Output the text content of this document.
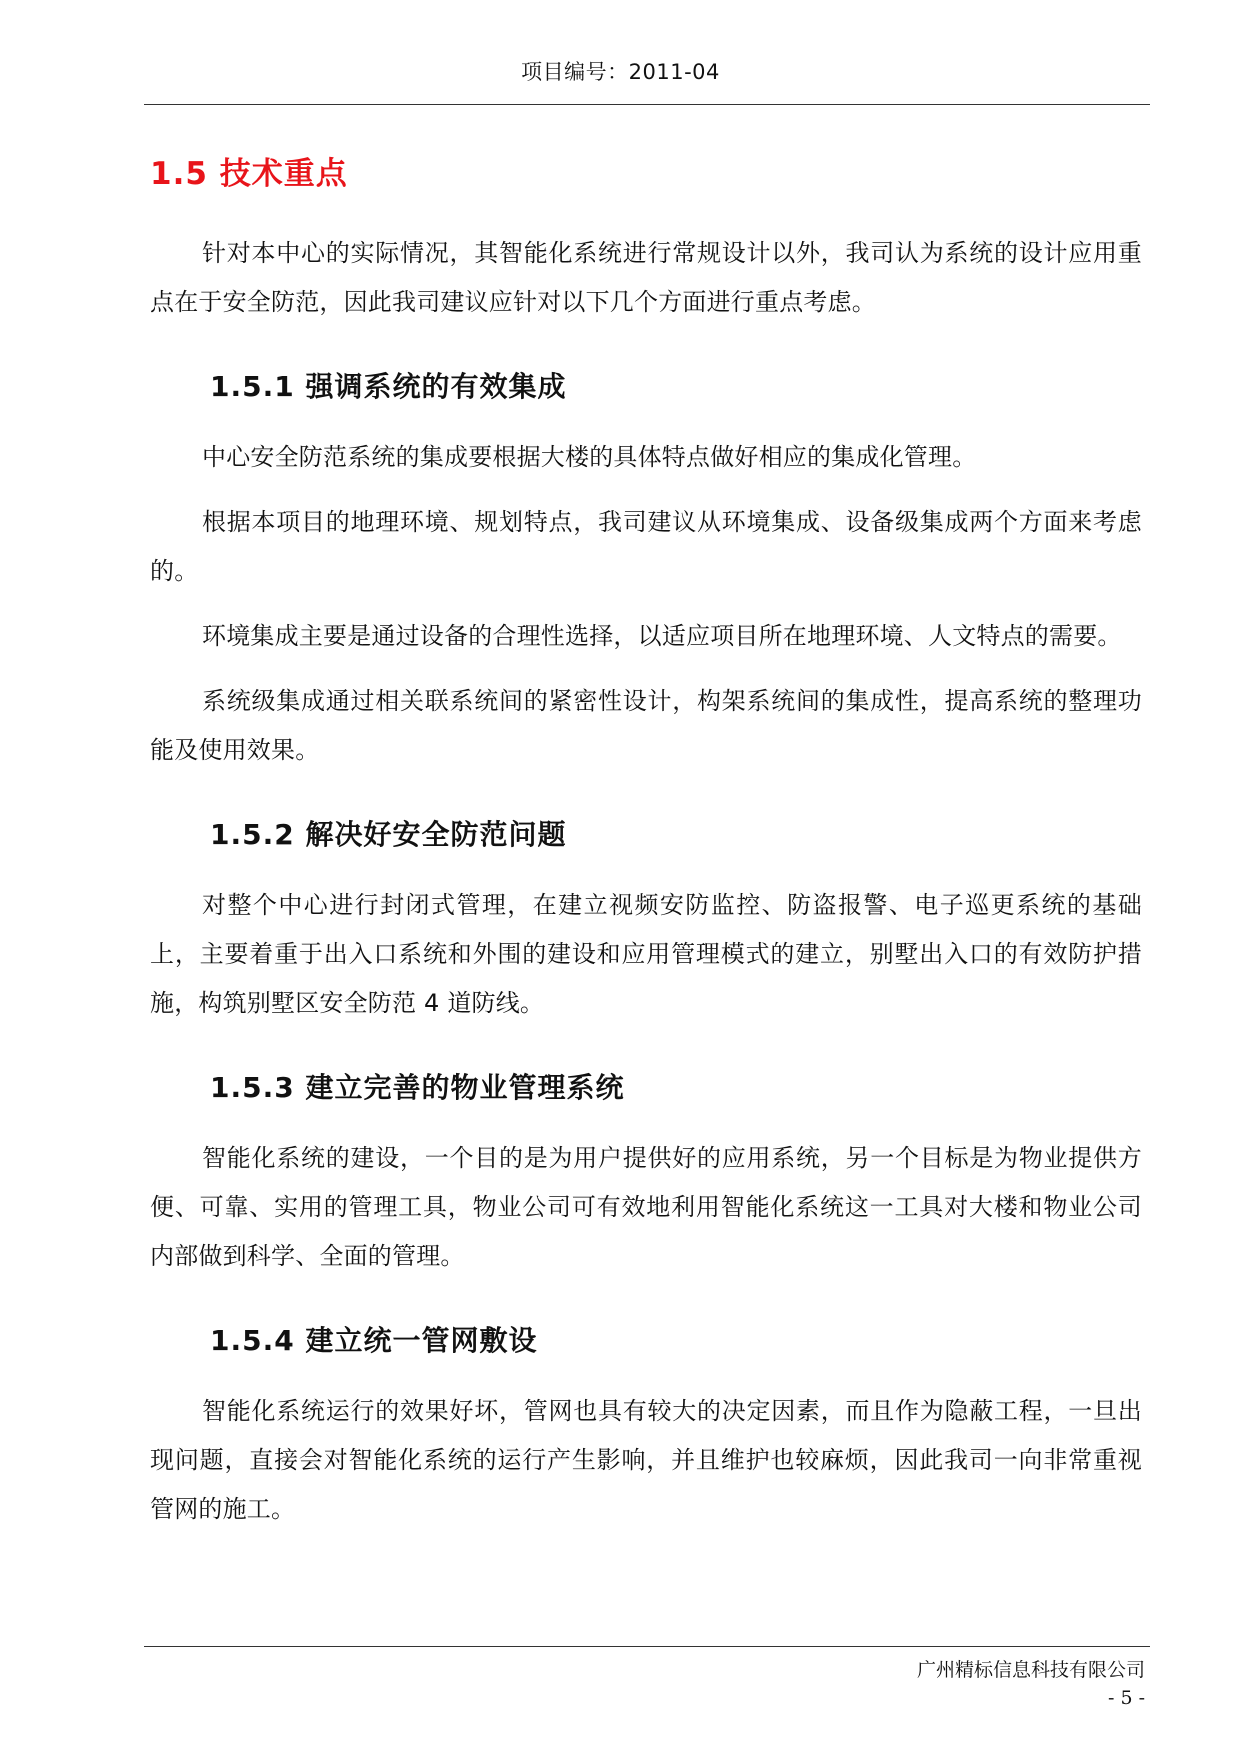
项目编号：2011-04
1.5 技术重点

针对本中心的实际情况，其智能化系统进行常规设计以外，我司认为系统的设计应用重点在于安全防范，因此我司建议应针对以下几个方面进行重点考虑。

1.5.1 强调系统的有效集成

中心安全防范系统的集成要根据大楼的具体特点做好相应的集成化管理。

根据本项目的地理环境、规划特点，我司建议从环境集成、设备级集成两个方面来考虑的。

环境集成主要是通过设备的合理性选择，以适应项目所在地理环境、人文特点的需要。

系统级集成通过相关联系统间的紧密性设计，构架系统间的集成性，提高系统的整理功能及使用效果。

1.5.2 解决好安全防范问题

对整个中心进行封闭式管理，在建立视频安防监控、防盗报警、电子巡更系统的基础上，主要着重于出入口系统和外围的建设和应用管理模式的建立，别墅出入口的有效防护措施，构筑别墅区安全防范 4 道防线。

1.5.3 建立完善的物业管理系统

智能化系统的建设，一个目的是为用户提供好的应用系统，另一个目标是为物业提供方便、可靠、实用的管理工具，物业公司可有效地利用智能化系统这一工具对大楼和物业公司内部做到科学、全面的管理。

1.5.4 建立统一管网敷设

智能化系统运行的效果好坏，管网也具有较大的决定因素，而且作为隐蔽工程，一旦出现问题，直接会对智能化系统的运行产生影响，并且维护也较麻烦，因此我司一向非常重视管网的施工。

广州精标信息科技有限公司
- 5 -
